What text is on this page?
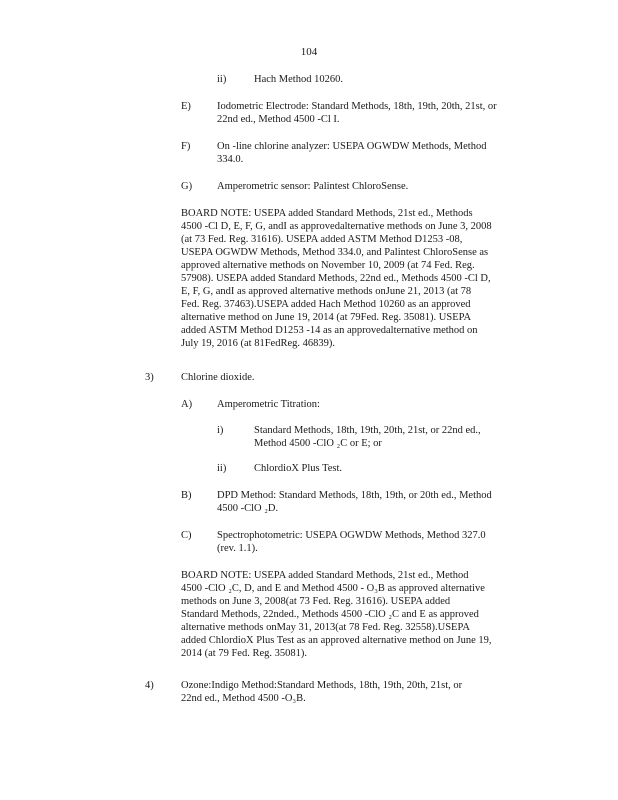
104
ii)	Hach Method 10260.
E) Iodometric Electrode: Standard Methods, 18th, 19th, 20th, 21st, or
22nd ed., Method 4500 -Cl I.
F)	On -line chlorine analyzer: USEPA OGWDW Methods, Method
334.0.
G) Amperometric sensor: Palintest ChloroSense.
BOARD NOTE: USEPA added Standard Methods, 21st ed., Methods
4500 -Cl D, E, F, G, andI as approvedalternative methods on June 3, 2008
(at 73 Fed. Reg. 31616). USEPA added ASTM Method D1253 -08,
USEPA OGWDW Methods, Method 334.0, and Palintest ChloroSense as
approved alternative methods on November 10, 2009 (at 74 Fed. Reg.
57908). USEPA added Standard Methods, 22nd ed., Methods 4500 -Cl D,
E, F, G, andI as approved alternative methods onJune 21, 2013 (at 78
Fed. Reg. 37463).USEPA added Hach Method 10260 as an approved
alternative method on June 19, 2014 (at 79Fed. Reg. 35081). USEPA
added ASTM Method D1253 -14 as an approvedalternative method on
July 19, 2016 (at 81FedReg. 46839).
3)	Chlorine dioxide.
A) Amperometric Titration:
i)	Standard Methods, 18th, 19th, 20th, 21st, or 22nd ed.,
Method 4500 -ClO ₂C or E; or
ii)	ChlordioX Plus Test.
B) DPD Method: Standard Methods, 18th, 19th, or 20th ed., Method
4500 -ClO ₂D.
C) Spectrophotometric: USEPA OGWDW Methods, Method 327.0
(rev. 1.1).
BOARD NOTE: USEPA added Standard Methods, 21st ed., Method
4500 -ClO ₂C, D, and E and Method 4500 - O₃B as approved alternative
methods on June 3, 2008(at 73 Fed. Reg. 31616). USEPA added
Standard Methods, 22nded., Methods 4500 -ClO ₂C and E as approved
alternative methods onMay 31, 2013(at 78 Fed. Reg. 32558).USEPA
added ChlordioX Plus Test as an approved alternative method on June 19,
2014 (at 79 Fed. Reg. 35081).
4)	Ozone:Indigo Method:Standard Methods, 18th, 19th, 20th, 21st, or
22nd ed., Method 4500 -O₃B.
